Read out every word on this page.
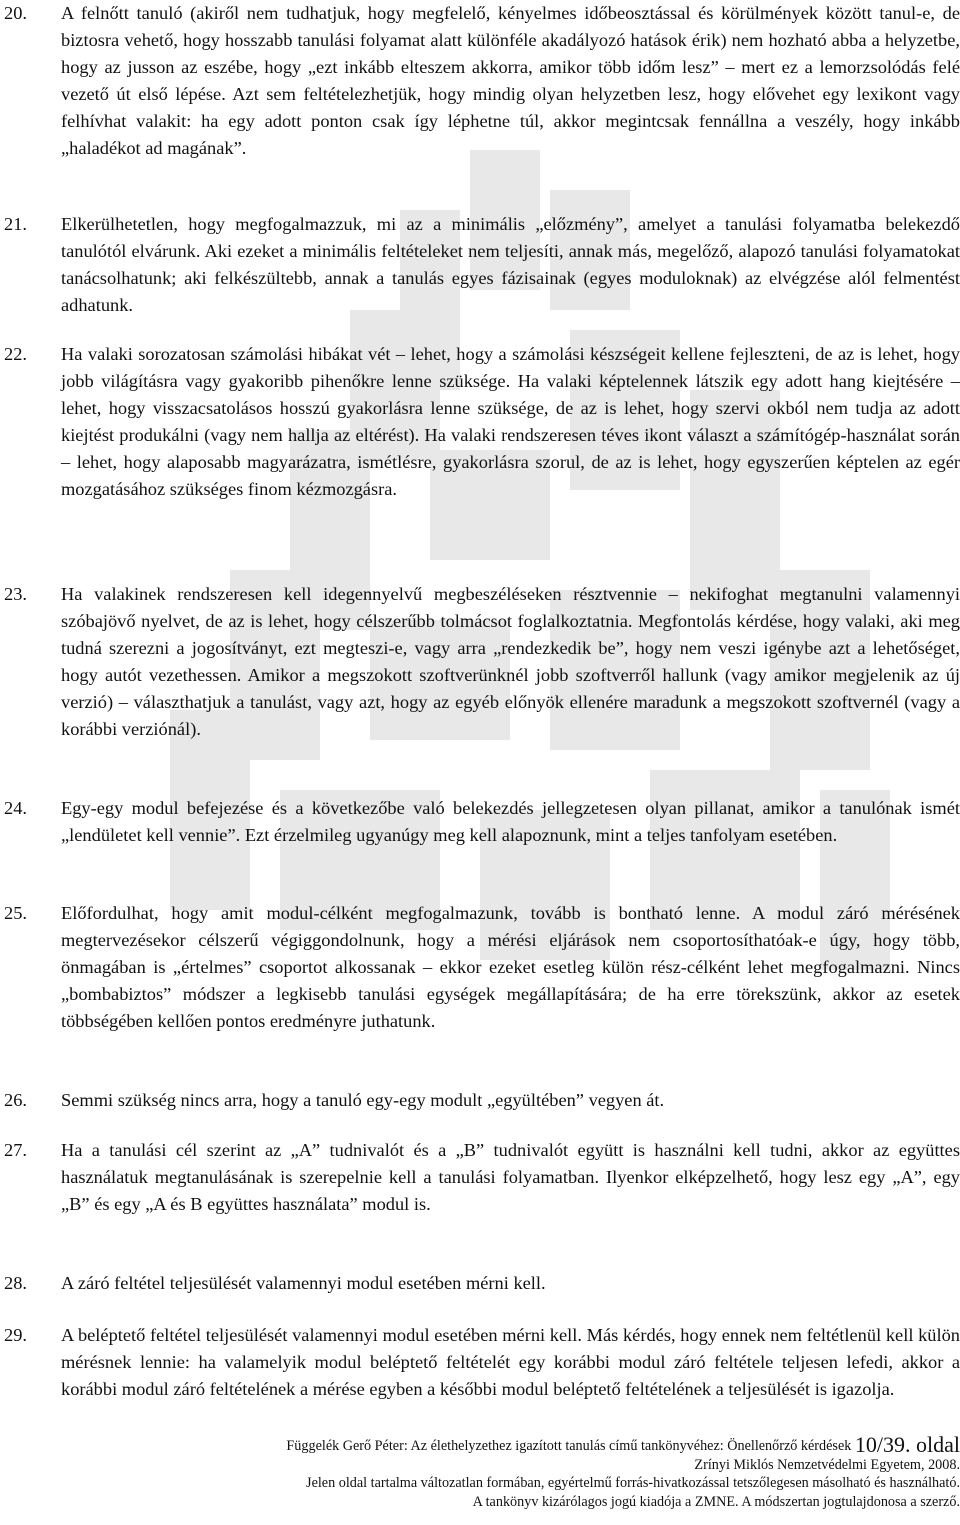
20. A felnőtt tanuló (akiről nem tudhatjuk, hogy megfelelő, kényelmes időbeosztással és körülmények között tanul-e, de biztosra vehető, hogy hosszabb tanulási folyamat alatt különféle akadályozó hatások érik) nem hozható abba a helyzetbe, hogy az jusson az eszébe, hogy „ezt inkább elteszem akkorra, amikor több időm lesz” – mert ez a lemorzsolódás felé vezető út első lépése. Azt sem feltételezhetjük, hogy mindig olyan helyzetben lesz, hogy elővehet egy lexikont vagy felhívhat valakit: ha egy adott ponton csak így léphetne túl, akkor megintcsak fennállna a veszély, hogy inkább „haladékot ad magának”.
21. Elkerülhetetlen, hogy megfogalmazzuk, mi az a minimális „előzmény”, amelyet a tanulási folyamatba belekezdő tanulótól elvárunk. Aki ezeket a minimális feltételeket nem teljesíti, annak más, megelőző, alapozó tanulási folyamatokat tanácsolhatunk; aki felkészültebb, annak a tanulás egyes fázisainak (egyes moduloknak) az elvégzése alól felmentést adhatunk.
22. Ha valaki sorozatosan számolási hibákat vét – lehet, hogy a számolási készségeit kellene fejleszteni, de az is lehet, hogy jobb világításra vagy gyakoribb pihenőkre lenne szüksége. Ha valaki képtelennek látszik egy adott hang kiejtésére – lehet, hogy visszacsatolásos hosszú gyakorlásra lenne szüksége, de az is lehet, hogy szervi okból nem tudja az adott kiejtést produkálni (vagy nem hallja az eltérést). Ha valaki rendszeresen téves ikont választ a számítógép-használat során – lehet, hogy alaposabb magyarázatra, ismétlésre, gyakorlásra szorul, de az is lehet, hogy egyszerűen képtelen az egér mozgatásához szükséges finom kézmozgásra.
23. Ha valakinek rendszeresen kell idegennyelvű megbeszéléseken résztvennie – nekifoghat megtanulni valamennyi szóbajövő nyelvet, de az is lehet, hogy célszerűbb tolmácsot foglalkoztatnia. Megfontolás kérdése, hogy valaki, aki meg tudná szerezni a jogosítványt, ezt megteszi-e, vagy arra „rendezkedik be”, hogy nem veszi igénybe azt a lehetőséget, hogy autót vezethessen. Amikor a megszokott szoftverünknél jobb szoftverről hallunk (vagy amikor megjelenik az új verzió) – választhatjuk a tanulást, vagy azt, hogy az egyéb előnyök ellenére maradunk a megszokott szoftvernél (vagy a korábbi verziónál).
24. Egy-egy modul befejezése és a következőbe való belekezdés jellegzetesen olyan pillanat, amikor a tanulónak ismét „lendületet kell vennie”. Ezt érzelmileg ugyanúgy meg kell alapoznunk, mint a teljes tanfolyam esetében.
25. Előfordulhat, hogy amit modul-célként megfogalmazunk, tovább is bontható lenne. A modul záró mérésének megtervezésekor célszerű végiggondolnunk, hogy a mérési eljárások nem csoportosíthatóak-e úgy, hogy több, önmagában is „értelmes” csoportot alkossanak – ekkor ezeket esetleg külön rész-célként lehet megfogalmazni. Nincs „bombabiztos” módszer a legkisebb tanulási egységek megállapítására; de ha erre törekszünk, akkor az esetek többségében kellően pontos eredményre juthatunk.
26. Semmi szükség nincs arra, hogy a tanuló egy-egy modult „együltében” vegyen át.
27. Ha a tanulási cél szerint az „A” tudnivalót és a „B” tudnivalót együtt is használni kell tudni, akkor az együttes használatuk megtanulásának is szerepelnie kell a tanulási folyamatban. Ilyenkor elképzelhető, hogy lesz egy „A”, egy „B” és egy „A és B együttes használata” modul is.
28. A záró feltétel teljesülését valamennyi modul esetében mérni kell.
29. A beléptető feltétel teljesülését valamennyi modul esetében mérni kell. Más kérdés, hogy ennek nem feltétlenül kell külön mérésnek lennie: ha valamelyik modul beléptető feltételét egy korábbi modul záró feltétele teljesen lefedi, akkor a korábbi modul záró feltételének a mérése egyben a későbbi modul beléptető feltételének a teljesülését is igazolja.
Függelék Gerő Péter: Az élethelyzethez igazított tanulás című tankönyvéhez: Önellenőrző kérdések 10/39. oldal
Zrínyi Miklós Nemzetvédelmi Egyetem, 2008.
Jelen oldal tartalma változatlan formában, egyértelmű forrás-hivatkozással tetszőlegesen másolható és használható.
A tankönyv kizárólagos jogú kiadója a ZMNE. A módszertan jogtulajdonosa a szerző.
